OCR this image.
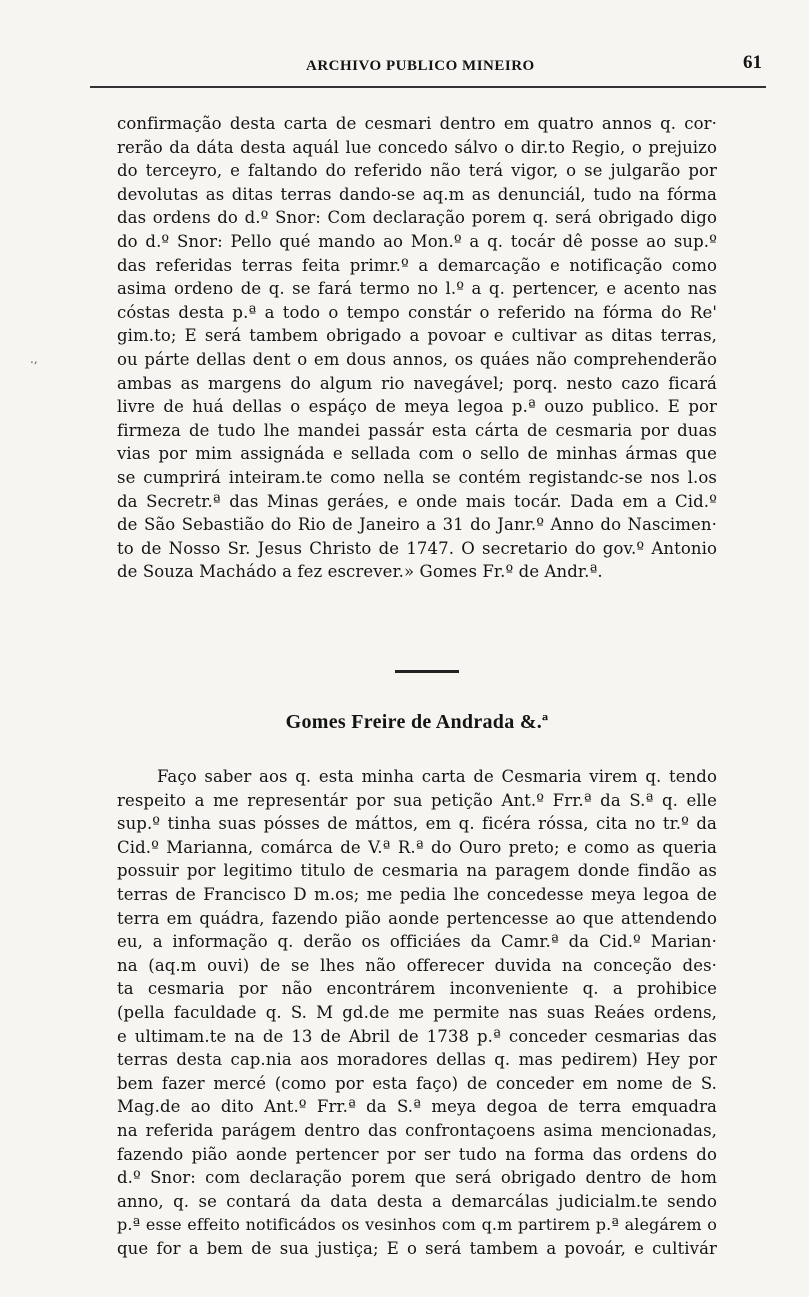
ARCHIVO PUBLICO MINEIRO	61
.,
confirmação desta carta de cesmari dentro em quatro annos q. cor·
rerão da dáta desta aquál lue concedo sálvo o dir.to Regio, o prejuizo
do terceyro, e faltando do referido não terá vigor, o se julgarão por
devolutas as ditas terras dando-se aq.m as denunciál, tudo na fórma
das ordens do d.º Snor: Com declaração porem q. será obrigado digo
do d.º Snor: Pello qué mando ao Mon.º a q. tocár dê posse ao sup.º
das referidas terras feita primr.º a demarcação e notificação como
asima ordeno de q. se fará termo no l.º a q. pertencer, e acento nas
cóstas desta p.ª a todo o tempo constár o referido na fórma do Re'
gim.to; E será tambem obrigado a povoar e cultivar as ditas terras,
ou párte dellas dent o em dous annos, os quáes não comprehenderão
ambas as margens do algum rio navegável; porq. nesto cazo ficará
livre de huá dellas o espáço de meya legoa p.ª ouzo publico. E por
firmeza de tudo lhe mandei passár esta cárta de cesmaria por duas
vias por mim assignáda e sellada com o sello de minhas ármas que
se cumprirá inteiram.te como nella se contém registandc-se nos l.os
da Secretr.ª das Minas geráes, e onde mais tocár. Dada em a Cid.º
de São Sebastião do Rio de Janeiro a 31 do Janr.º Anno do Nascimen·
to de Nosso Sr. Jesus Christo de 1747. O secretario do gov.º Antonio
de Souza Machádo a fez escrever.» Gomes Fr.º de Andr.ª.
Gomes Freire de Andrada &.ª
Faço saber aos q. esta minha carta de Cesmaria virem q. tendo
respeito a me representár por sua petição Ant.º Frr.ª da S.ª q. elle
sup.º tinha suas pósses de máttos, em q. ficéra róssa, cita no tr.º da
Cid.º Marianna, comárca de V.ª R.ª do Ouro preto; e como as queria
possuir por legitimo titulo de cesmaria na paragem donde findão as
terras de Francisco D m.os; me pedia lhe concedesse meya legoa de
terra em quádra, fazendo pião aonde pertencesse ao que attendendo
eu, a informação q. derão os officiáes da Camr.ª da Cid.º Marian·
na (aq.m ouvi) de se lhes não offerecer duvida na conceção des·
ta cesmaria por não encontrárem inconveniente q. a prohibice
(pella faculdade q. S. M gd.de me permite nas suas Reáes ordens,
e ultimam.te na de 13 de Abril de 1738 p.ª conceder cesmarias das
terras desta cap.nia aos moradores dellas q. mas pedirem) Hey por
bem fazer mercé (como por esta faço) de conceder em nome de S.
Mag.de ao dito Ant.º Frr.ª da S.ª meya degoa de terra emquadra
na referida parágem dentro das confrontaçoens asima mencionadas,
fazendo pião aonde pertencer por ser tudo na forma das ordens do
d.º Snor: com declaração porem que será obrigado dentro de hom
anno, q. se contará da data desta a demarcálas judicialm.te sendo
p.ª esse effeito notificádos os vesinhos com q.m partirem p.ª alegárem o
que for a bem de sua justiça; E o será tambem a povoár, e cultivár
